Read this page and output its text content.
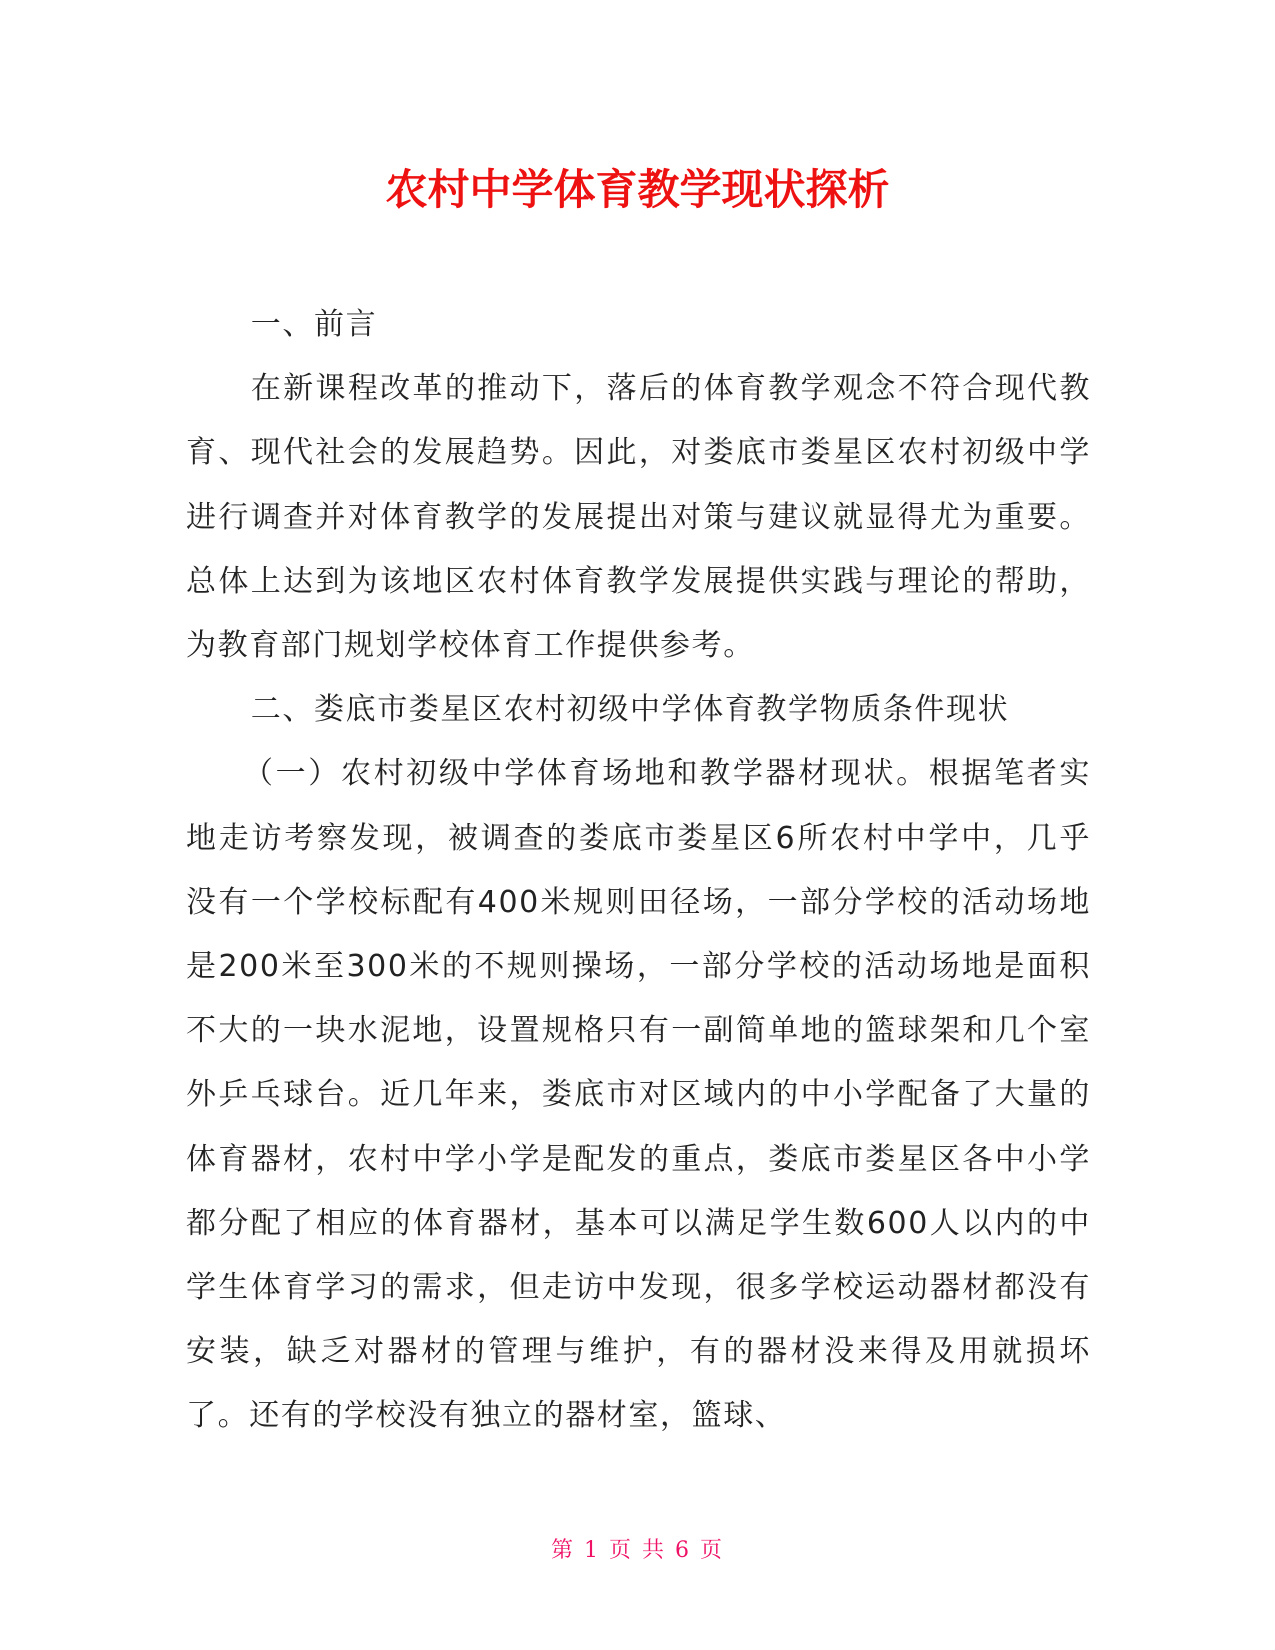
农村中学体育教学现状探析

一、前言

在新课程改革的推动下，落后的体育教学观念不符合现代教育、现代社会的发展趋势。因此，对娄底市娄星区农村初级中学进行调查并对体育教学的发展提出对策与建议就显得尤为重要。总体上达到为该地区农村体育教学发展提供实践与理论的帮助，为教育部门规划学校体育工作提供参考。

二、娄底市娄星区农村初级中学体育教学物质条件现状

（一）农村初级中学体育场地和教学器材现状。根据笔者实地走访考察发现，被调查的娄底市娄星区6所农村中学中，几乎没有一个学校标配有400米规则田径场，一部分学校的活动场地是200米至300米的不规则操场，一部分学校的活动场地是面积不大的一块水泥地，设置规格只有一副简单地的篮球架和几个室外乒乓球台。近几年来，娄底市对区域内的中小学配备了大量的体育器材，农村中学小学是配发的重点，娄底市娄星区各中小学都分配了相应的体育器材，基本可以满足学生数600人以内的中学生体育学习的需求，但走访中发现，很多学校运动器材都没有安装，缺乏对器材的管理与维护，有的器材没来得及用就损坏了。还有的学校没有独立的器材室，篮球、

第 1 页 共 6 页
